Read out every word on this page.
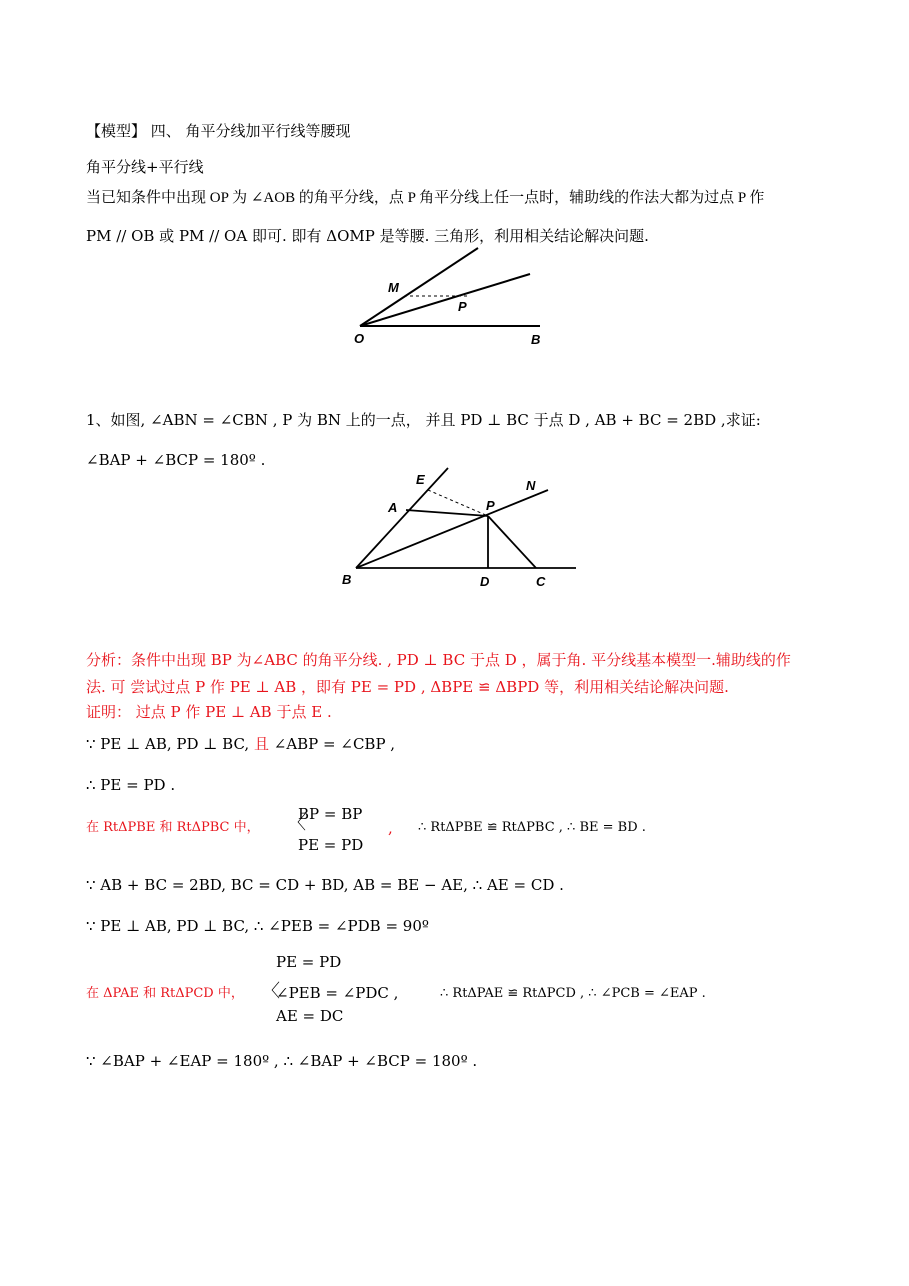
【模型】 四、 角平分线加平行线等腰现
角平分线+平行线
当已知条件中出现 OP 为 ∠AOB 的角平分线，点 P 角平分线上任一点时，辅助线的作法大都为过点 P 作
PM // OB 或 PM // OA 即可. 即有 ΔOMP 是等腰. 三角形，利用相关结论解决问题.
M
P
O	B
1、如图, ∠ABN = ∠CBN , P 为 BN 上的一点， 并且 PD ⊥ BC 于点 D , AB + BC = 2BD ,求证:
∠BAP + ∠BCP = 180º .
E	N
A	P
B	D	C
分析：条件中出现 BP 为∠ABC 的角平分线. , PD ⊥ BC 于点 D ，属于角. 平分线基本模型一.辅助线的作
法. 可 尝试过点 P 作 PE ⊥ AB ，即有 PE = PD , ΔBPE ≌ ΔBPD 等，利用相关结论解决问题.
证明： 过点 P 作 PE ⊥ AB 于点 E .
∵ PE ⊥ AB, PD ⊥ BC, 且 ∠ABP = ∠CBP ,
∴ PE = PD .
在 RtΔPBE 和 RtΔPBC 中， 〈
BP = BP
PE = PD
, ∴ RtΔPBE ≌ RtΔPBC , ∴ BE = BD .
∵ AB + BC = 2BD, BC = CD + BD, AB = BE − AE, ∴ AE = CD .
∵ PE ⊥ AB, PD ⊥ BC, ∴ ∠PEB = ∠PDB = 90º
在 ΔPAE 和 RtΔPCD 中， 〈
PE = PD
∠PEB = ∠PDC ,
AE = DC
∴ RtΔPAE ≌ RtΔPCD , ∴ ∠PCB = ∠EAP .
∵ ∠BAP + ∠EAP = 180º , ∴ ∠BAP + ∠BCP = 180º .
